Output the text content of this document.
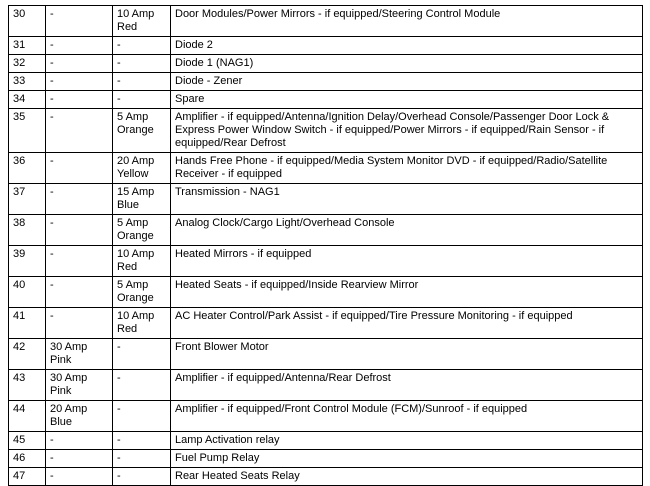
30	-	10 Amp Red	Door Modules/Power Mirrors - if equipped/Steering Control Module
31	-	-	Diode 2
32	-	-	Diode 1 (NAG1)
33	-	-	Diode - Zener
34	-	-	Spare
35	-	5 Amp Orange	Amplifier - if equipped/Antenna/Ignition Delay/Overhead Console/Passenger Door Lock & Express Power Window Switch - if equipped/Power Mirrors - if equipped/Rain Sensor - if equipped/Rear Defrost
36	-	20 Amp Yellow	Hands Free Phone - if equipped/Media System Monitor DVD - if equipped/Radio/Satellite Receiver - if equipped
37	-	15 Amp Blue	Transmission - NAG1
38	-	5 Amp Orange	Analog Clock/Cargo Light/Overhead Console
39	-	10 Amp Red	Heated Mirrors - if equipped
40	-	5 Amp Orange	Heated Seats - if equipped/Inside Rearview Mirror
41	-	10 Amp Red	AC Heater Control/Park Assist - if equipped/Tire Pressure Monitoring - if equipped
42	30 Amp Pink	-	Front Blower Motor
43	30 Amp Pink	-	Amplifier - if equipped/Antenna/Rear Defrost
44	20 Amp Blue	-	Amplifier - if equipped/Front Control Module (FCM)/Sunroof - if equipped
45	-	-	Lamp Activation relay
46	-	-	Fuel Pump Relay
47	-	-	Rear Heated Seats Relay
